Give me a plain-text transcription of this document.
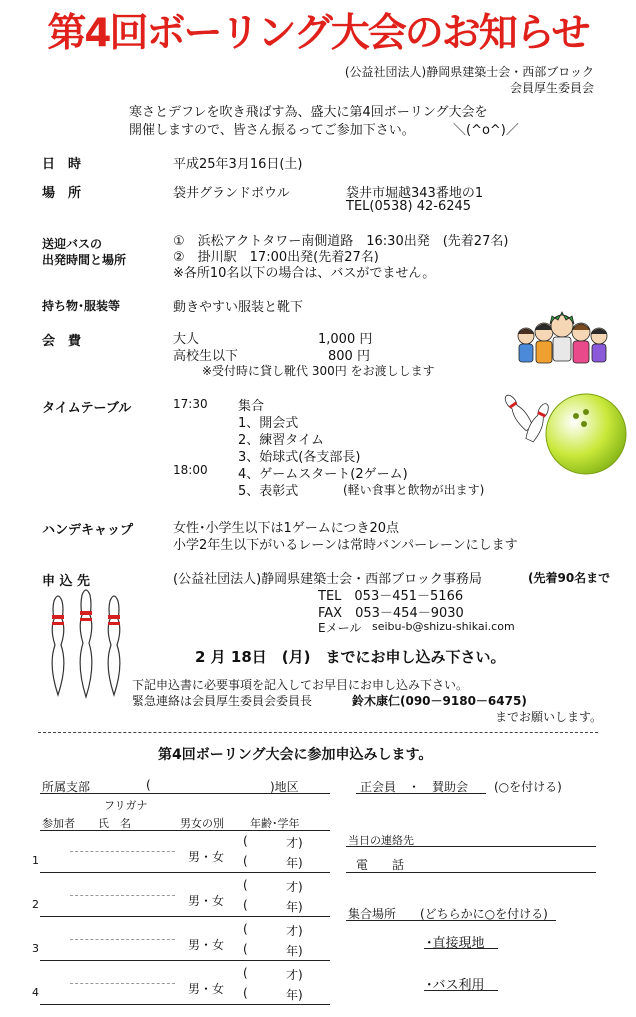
第4回ボーリング大会のお知らせ
(公益社団法人)静岡県建築士会・西部ブロック
会員厚生委員会
寒さとデフレを吹き飛ばす為、盛大に第4回ボーリング大会を
開催しますので、皆さん振るってご参加下さい。	＼(^o^)／
日　時	平成25年3月16日(土)
場　所	袋井グランドボウル	袋井市堀越343番地の1
TEL(0538) 42-6245
送迎バスの
出発時間と場所
①　浜松アクトタワー南側道路　16:30出発　(先着27名)
②　掛川駅　17:00出発(先着27名)
※各所10名以下の場合は、バスがでません。
持ち物･服装等	動きやすい服装と靴下
会　費	大人	1,000 円
高校生以下	800 円
※受付時に貸し靴代 300円 をお渡しします
タイムテーブル	17:30 集合
1、開会式
2、練習タイム
3、始球式(各支部長)
18:00 4、ゲームスタート(2ゲーム)
5、表彰式	(軽い食事と飲物が出ます)
ハンデキャップ	女性･小学生以下は1ゲームにつき20点
小学2年生以下がいるレーンは常時バンパーレーンにします
申 込 先	(公益社団法人)静岡県建築士会・西部ブロック事務局	(先着90名まで
TEL　053－451－5166
FAX　053－454－9030
Eメール seibu-b@shizu-shikai.com
2 月 18日　(月)　までにお申し込み下さい。
下記申込書に必要事項を記入してお早目にお申し込み下さい。
緊急連絡は会員厚生委員会委員長	鈴木康仁(090－9180－6475)
までお願いします。
第4回ボーリング大会に参加申込みします。
所属支部	(	)地区
フリガナ
参加者 氏　名	男女の別 年齢･学年
1	男・女
(	才)
(	年)
2	男・女
(	才)
(	年)
3	男・女
(	才)
(	年)
4	男・女
(	才)
(	年)
正会員　・　賛助会 (○を付ける)
当日の連絡先
電　　話
集合場所 (どちらかに○を付ける)
･直接現地
･バス利用
